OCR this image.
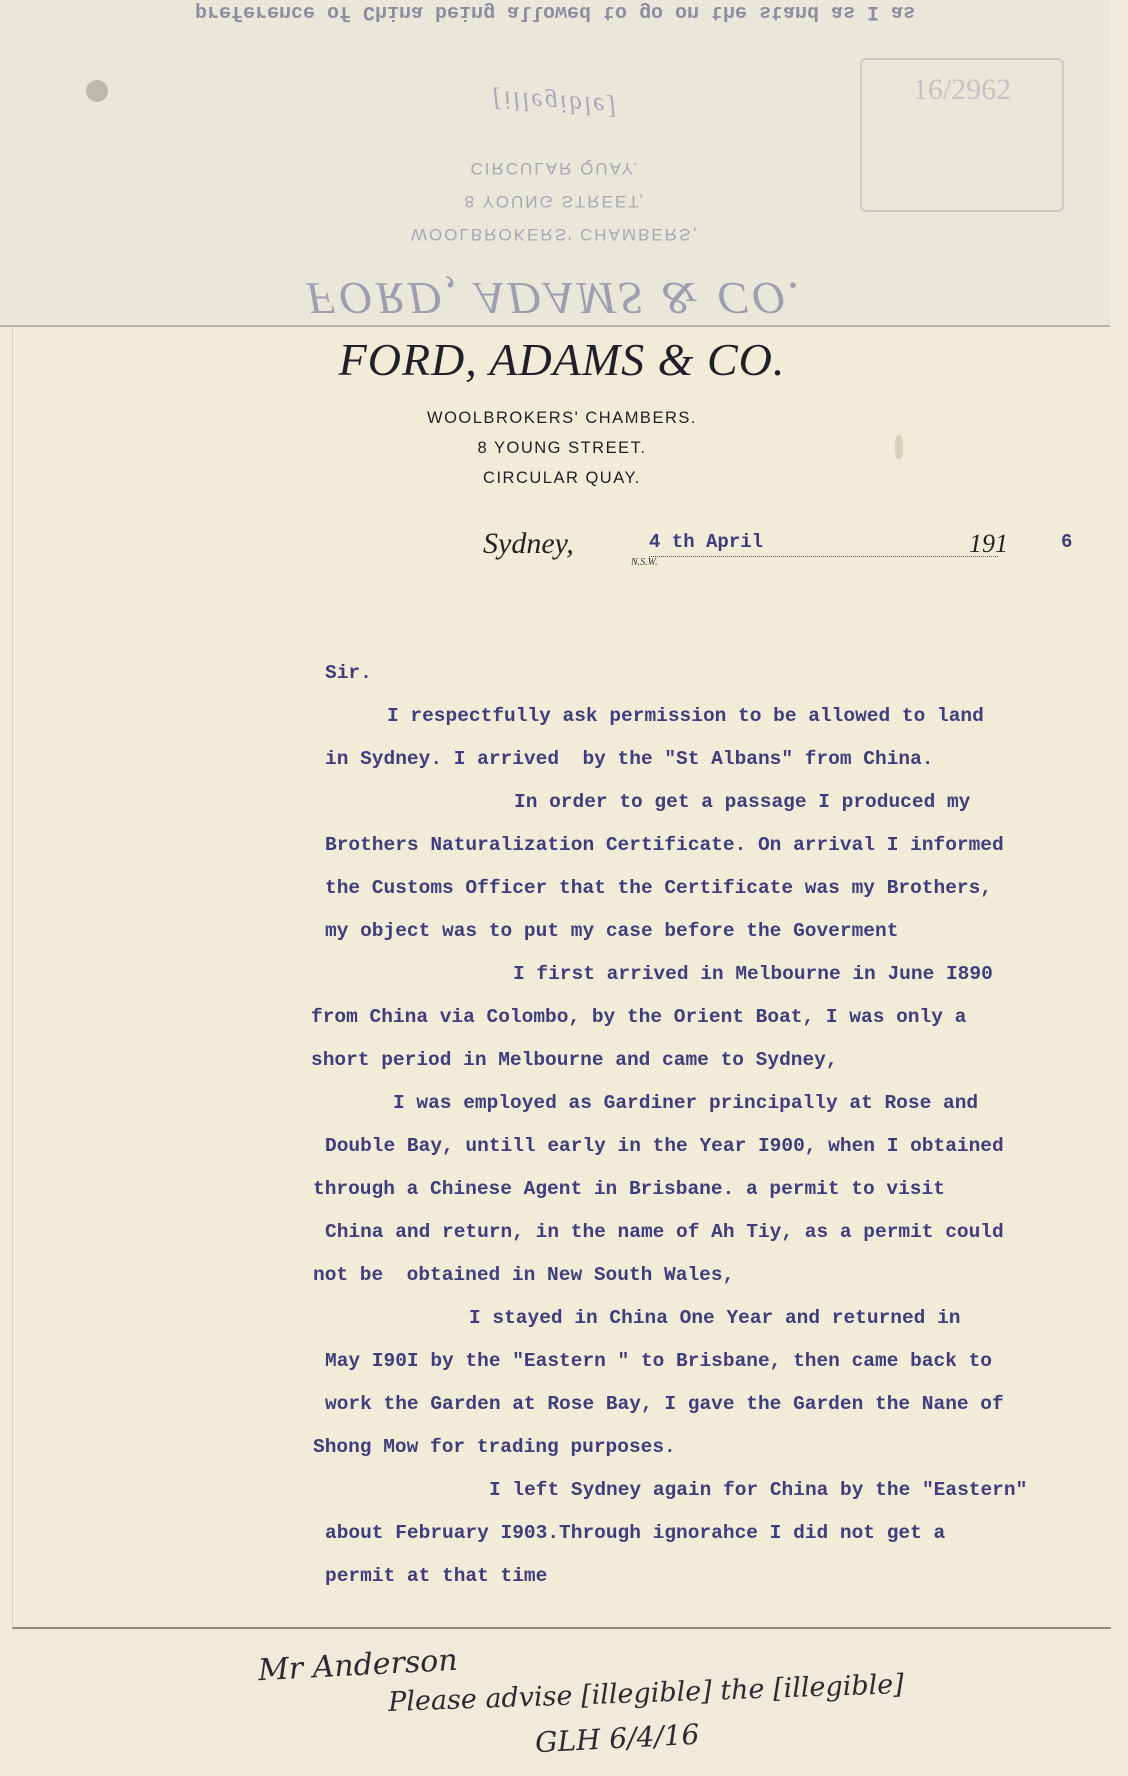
preference of China being allowed to go on the stand as I as
[illegible]
CIRCULAR QUAY.
8 YOUNG STREET,
WOOLBROKERS' CHAMBERS,
FORD, ADAMS & CO.
16/2962
FORD, ADAMS & CO.
WOOLBROKERS' CHAMBERS.
8 YOUNG STREET.
CIRCULAR QUAY.
Sydney,
N.S.W.
4 th April	191	6
Sir.
I respectfully ask permission to be allowed to land
in Sydney. I arrived  by the "St Albans" from China.
In order to get a passage I produced my
Brothers Naturalization Certificate. On arrival I informed
the Customs Officer that the Certificate was my Brothers,
my object was to put my case before the Goverment
I first arrived in Melbourne in June I890
from China via Colombo, by the Orient Boat, I was only a
short period in Melbourne and came to Sydney,
I was employed as Gardiner principally at Rose and
Double Bay, untill early in the Year I900, when I obtained
through a Chinese Agent in Brisbane. a permit to visit
China and return, in the name of Ah Tiy, as a permit could
not be  obtained in New South Wales,
I stayed in China One Year and returned in
May I90I by the "Eastern " to Brisbane, then came back to
work the Garden at Rose Bay, I gave the Garden the Nane of
Shong Mow for trading purposes.
I left Sydney again for China by the "Eastern"
about February I903.Through ignorahce I did not get a
permit at that time
Mr Anderson
Please advise [illegible] the [illegible]
GLH 6/4/16
